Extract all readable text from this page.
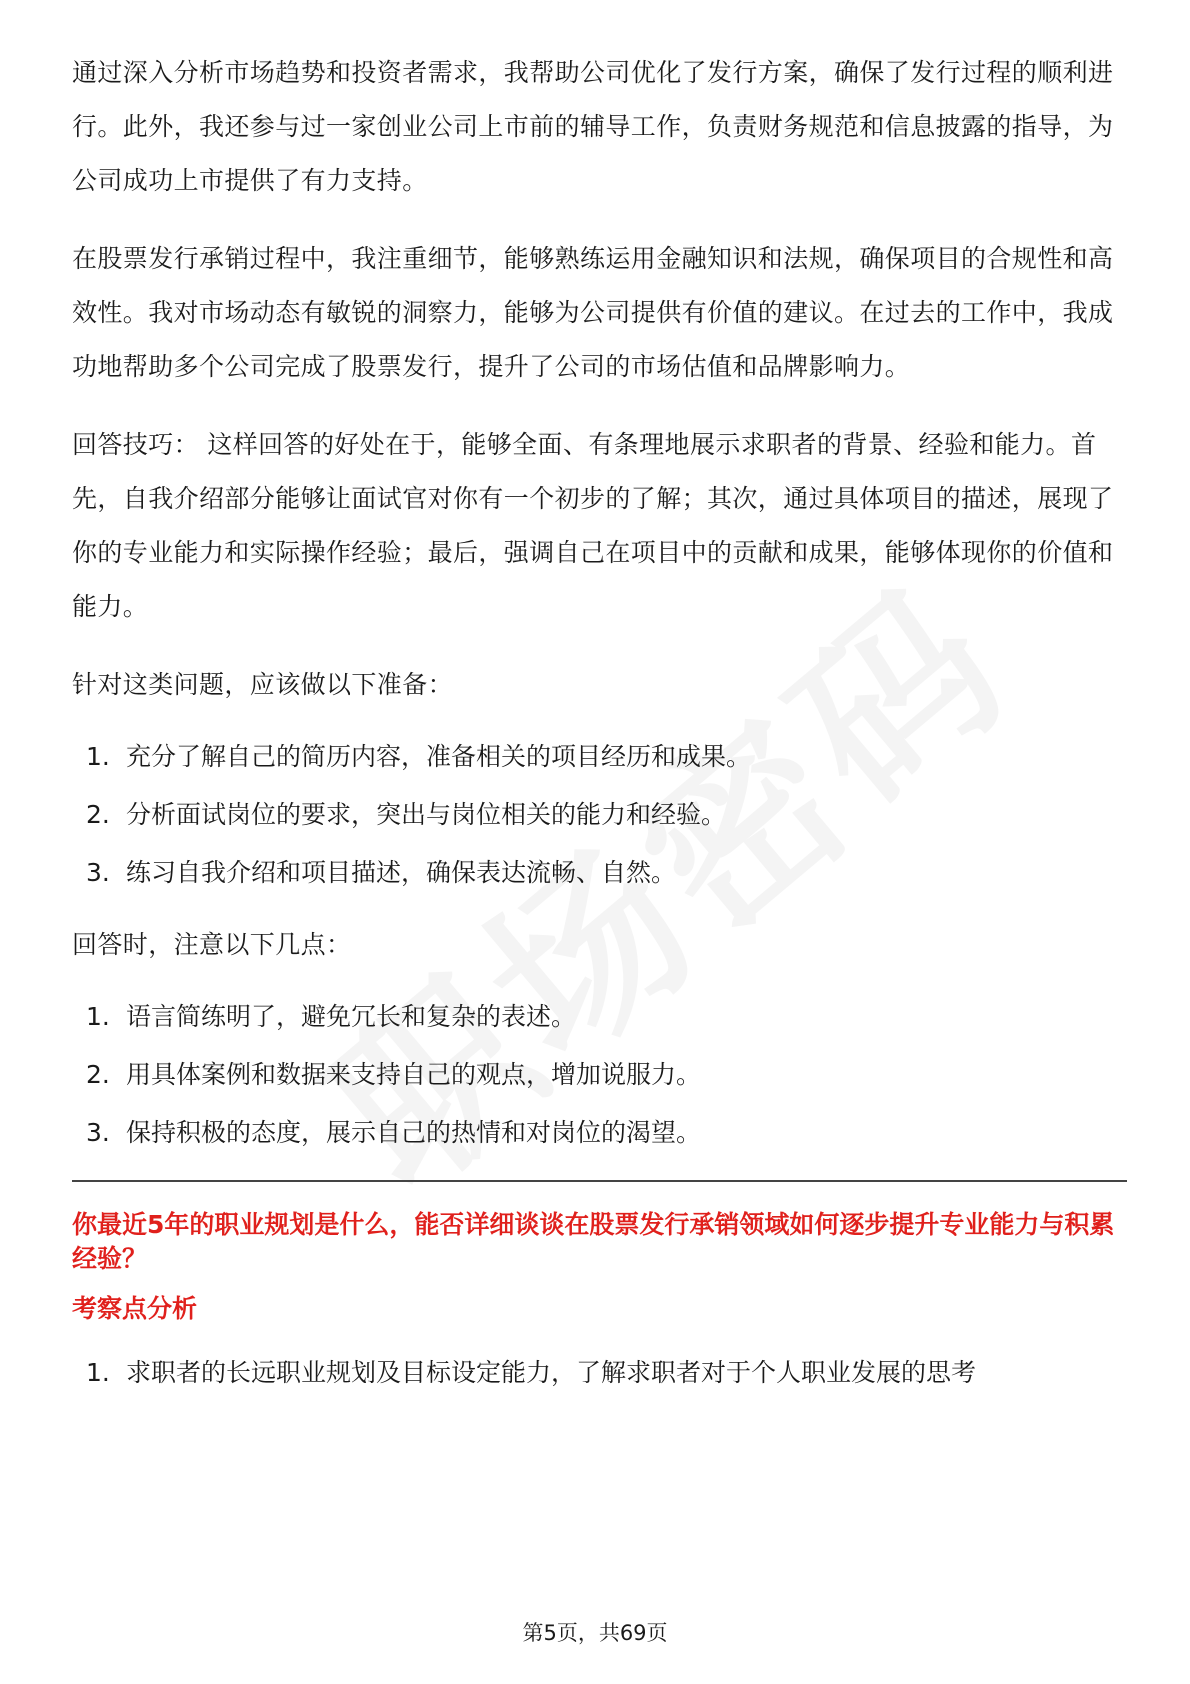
通过深入分析市场趋势和投资者需求，我帮助公司优化了发行方案，确保了发行过程的顺利进行。此外，我还参与过一家创业公司上市前的辅导工作，负责财务规范和信息披露的指导，为公司成功上市提供了有力支持。

在股票发行承销过程中，我注重细节，能够熟练运用金融知识和法规，确保项目的合规性和高效性。我对市场动态有敏锐的洞察力，能够为公司提供有价值的建议。在过去的工作中，我成功地帮助多个公司完成了股票发行，提升了公司的市场估值和品牌影响力。

回答技巧： 这样回答的好处在于，能够全面、有条理地展示求职者的背景、经验和能力。首先，自我介绍部分能够让面试官对你有一个初步的了解；其次，通过具体项目的描述，展现了你的专业能力和实际操作经验；最后，强调自己在项目中的贡献和成果，能够体现你的价值和能力。

针对这类问题，应该做以下准备：

1. 充分了解自己的简历内容，准备相关的项目经历和成果。
2. 分析面试岗位的要求，突出与岗位相关的能力和经验。
3. 练习自我介绍和项目描述，确保表达流畅、自然。

回答时，注意以下几点：

1. 语言简练明了，避免冗长和复杂的表述。
2. 用具体案例和数据来支持自己的观点，增加说服力。
3. 保持积极的态度，展示自己的热情和对岗位的渴望。

你最近5年的职业规划是什么，能否详细谈谈在股票发行承销领域如何逐步提升专业能力与积累经验？

考察点分析

1. 求职者的长远职业规划及目标设定能力，了解求职者对于个人职业发展的思考
第5页，共69页
